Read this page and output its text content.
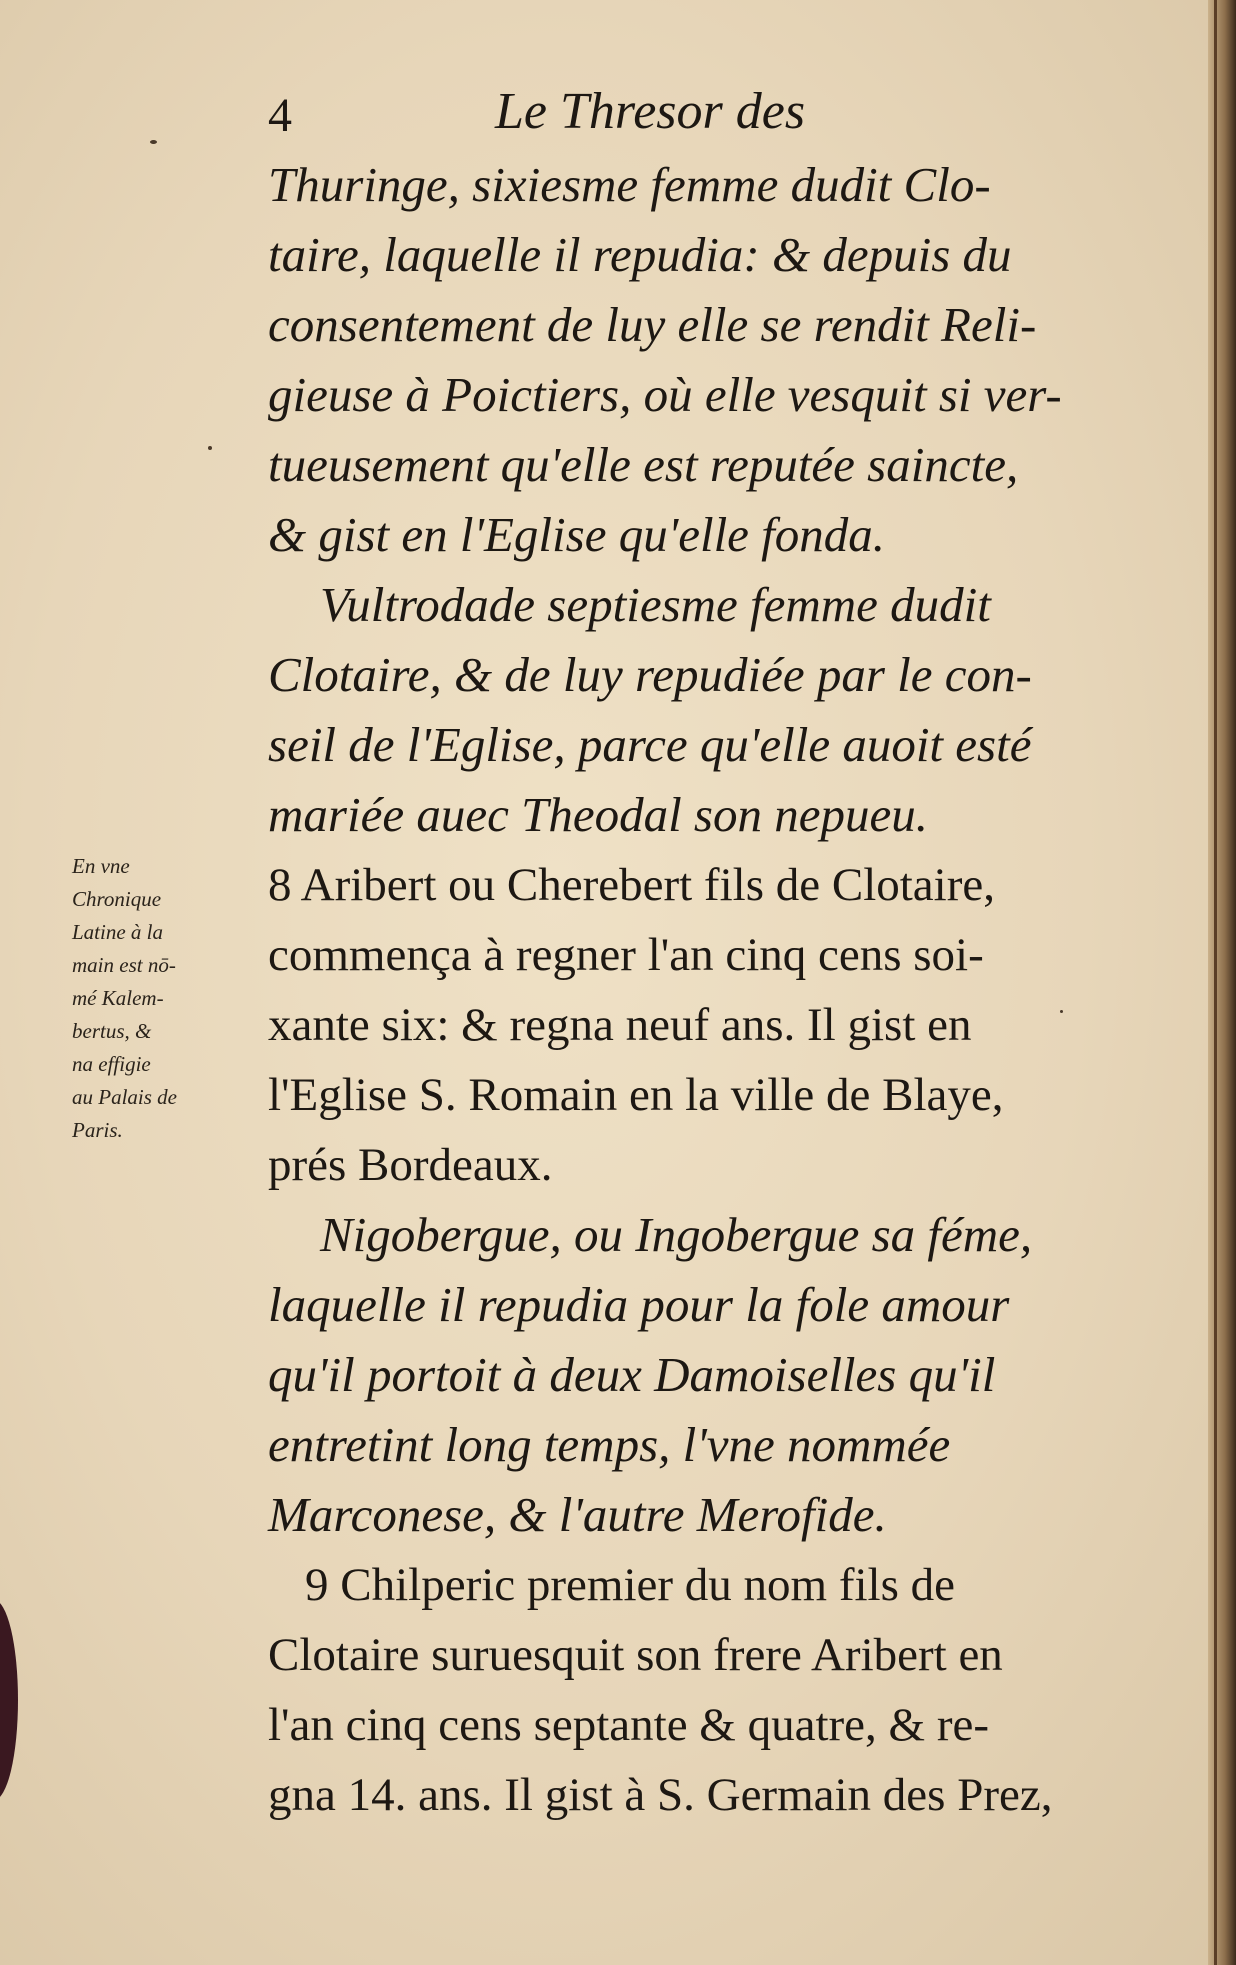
4	Le Thresor des
Thuringe, sixiesme femme dudit Clo-
taire, laquelle il repudia: & depuis du
consentement de luy elle se rendit Reli-
gieuse à Poictiers, où elle vesquit si ver-
tueusement qu'elle est reputée saincte,
& gist en l'Eglise qu'elle fonda.
Vultrodade septiesme femme dudit
Clotaire, & de luy repudiée par le con-
seil de l'Eglise, parce qu'elle auoit esté
mariée auec Theodal son nepueu.
8 Aribert ou Cherebert fils de Clotaire,
commença à regner l'an cinq cens soi-
xante six: & regna neuf ans. Il gist en
l'Eglise S. Romain en la ville de Blaye,
prés Bordeaux.
Nigobergue, ou Ingobergue sa féme,
laquelle il repudia pour la fole amour
qu'il portoit à deux Damoiselles qu'il
entretint long temps, l'vne nommée
Marconese, & l'autre Merofide.
9 Chilperic premier du nom fils de
Clotaire suruesquit son frere Aribert en
l'an cinq cens septante & quatre, & re-
gna 14. ans. Il gist à S. Germain des Prez,
En vne
Chronique
Latine à la
main est nō-
mé Kalem-
bertus, &
na effigie
au Palais de
Paris.
